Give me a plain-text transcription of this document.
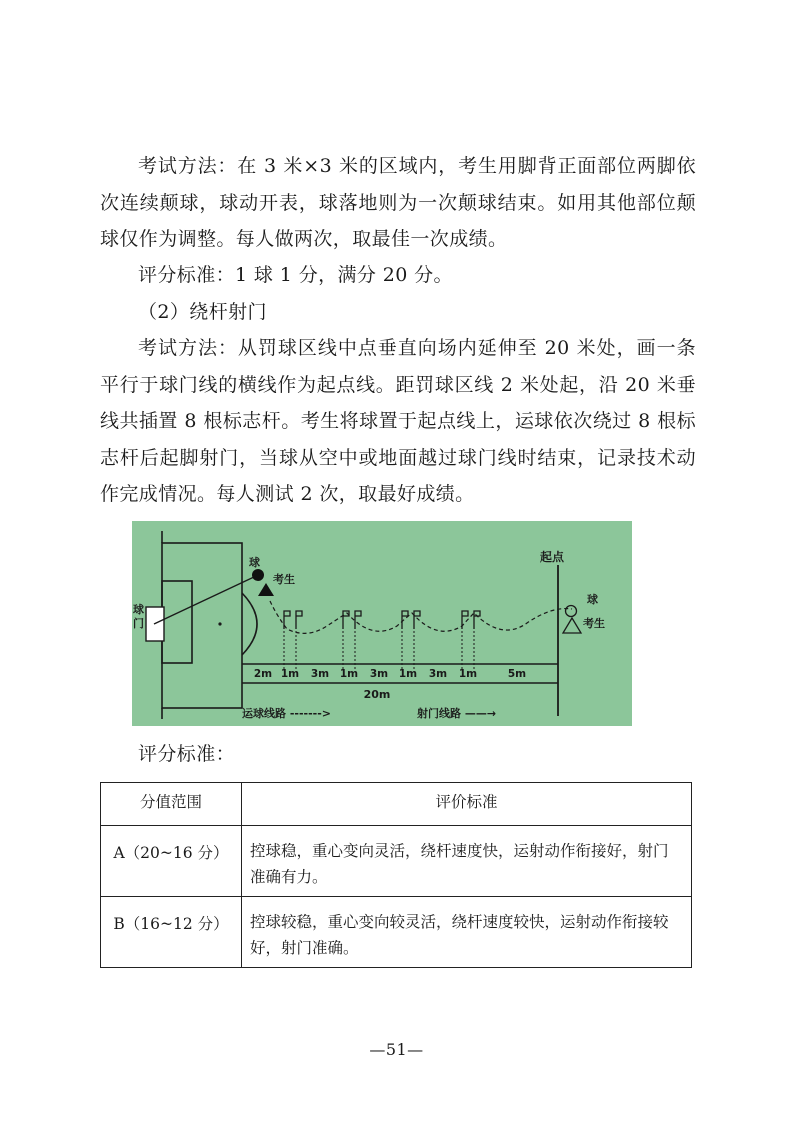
考试方法：在 3 米×3 米的区域内，考生用脚背正面部位两脚依次连续颠球，球动开表，球落地则为一次颠球结束。如用其他部位颠球仅作为调整。每人做两次，取最佳一次成绩。

评分标准：1 球 1 分，满分 20 分。

（2）绕杆射门

考试方法：从罚球区线中点垂直向场内延伸至 20 米处，画一条平行于球门线的横线作为起点线。距罚球区线 2 米处起，沿 20 米垂线共插置 8 根标志杆。考生将球置于起点线上，运球依次绕过 8 根标志杆后起脚射门，当球从空中或地面越过球门线时结束，记录技术动作完成情况。每人测试 2 次，取最好成绩。

球门
球
考生
起点
球
考生
2m 1m 3m 1m 3m 1m 3m 1m	5m
20m
运球线路 ------->	射门线路 ——→

评分标准：

分值范围	评价标准
A（20~16 分）	控球稳，重心变向灵活，绕杆速度快，运射动作衔接好，射门准确有力。
B（16~12 分）	控球较稳，重心变向较灵活，绕杆速度较快，运射动作衔接较好，射门准确。
—51—
